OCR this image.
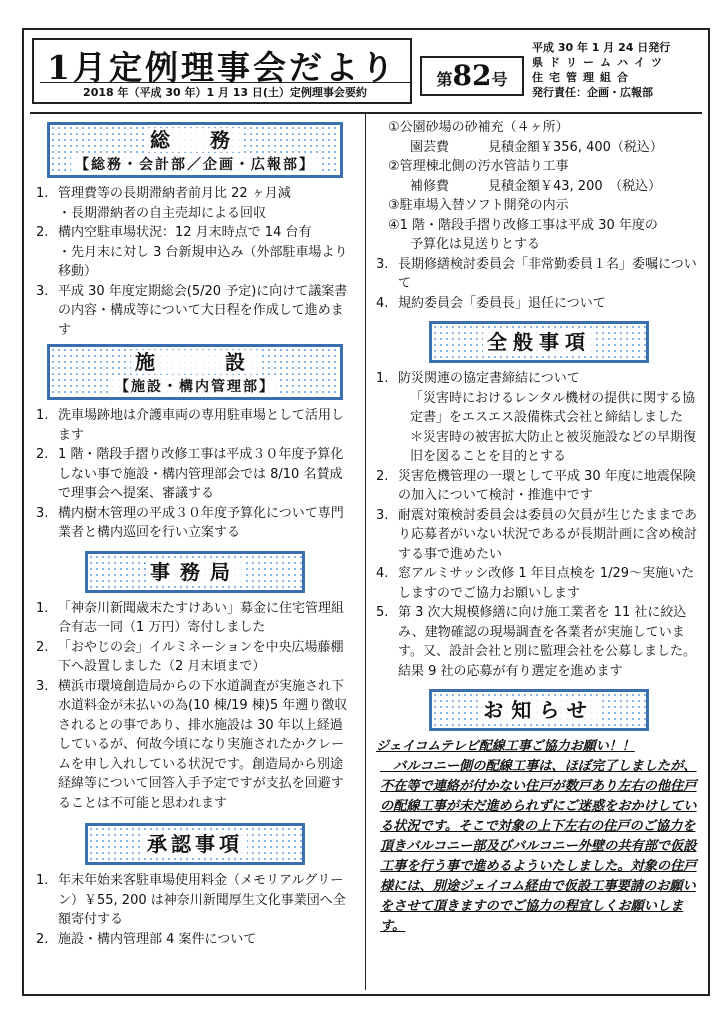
1月定例理事会だより
2018 年（平成 30 年）1 月 13 日(土）定例理事会要約
第82号
平成 30 年 1 月 24 日発行
県ドリームハイツ
住宅管理組合
発行責任：企画・広報部
総　務
【総務・会計部／企画・広報部】
1. 管理費等の長期滞納者前月比 22 ヶ月減
・長期滞納者の自主売却による回収
2. 構内空駐車場状況：12 月末時点で 14 台有
・先月末に対し 3 台新規申込み（外部駐車場より移動）
3. 平成 30 年度定期総会(5/20 予定)に向けて議案書の内容・構成等について大日程を作成して進めます
施　　設
【施設・構内管理部】
1. 洗車場跡地は介護車両の専用駐車場として活用します
2. 1 階・階段手摺り改修工事は平成３０年度予算化しない事で施設・構内管理部会では 8/10 名賛成で理事会へ提案、審議する
3. 構内樹木管理の平成３０年度予算化について専門業者と構内巡回を行い立案する
事務局
1. 「神奈川新聞歳末たすけあい」募金に住宅管理組合有志一同（1 万円）寄付しました
2. 「おやじの会」イルミネーションを中央広場藤棚下へ設置しました（2 月末頃まで）
3. 横浜市環境創造局からの下水道調査が実施され下水道料金が未払いの為(10 棟/19 棟)5 年遡り徴収されるとの事であり、排水施設は 30 年以上経過しているが、何故今頃になり実施されたかクレームを申し入れしている状況です。創造局から別途経緯等について回答入手予定ですが支払を回避することは不可能と思われます
承認事項
1. 年末年始来客駐車場使用料金（メモリアルグリーン）￥55, 200 は神奈川新聞厚生文化事業団へ全額寄付する
2. 施設・構内管理部 4 案件について
①公園砂場の砂補充（４ヶ所）
園芸費　　　見積金額￥356, 400（税込）
②管理棟北側の汚水管詰り工事
補修費　　　見積金額￥43, 200　（税込）
③駐車場入替ソフト開発の内示
④1 階・階段手摺り改修工事は平成 30 年度の
予算化は見送りとする
3. 長期修繕検討委員会「非常勤委員１名」委嘱について
4. 規約委員会「委員長」退任について
全般事項
1. 防災関連の協定書締結について
「災害時におけるレンタル機材の提供に関する協定書」をエスエス設備株式会社と締結しました
＊災害時の被害拡大防止と被災施設などの早期復旧を図ることを目的とする
2. 災害危機管理の一環として平成 30 年度に地震保険の加入について検討・推進中です
3. 耐震対策検討委員会は委員の欠員が生じたままであり応募者がいない状況であるが長期計画に含め検討する事で進めたい
4. 窓アルミサッシ改修 1 年目点検を 1/29～実施いたしますのでご協力お願いします
5. 第 3 次大規模修繕に向け施工業者を 11 社に絞込み、建物確認の現場調査を各業者が実施しています。又、設計会社と別に監理会社を公募しました。結果 9 社の応募が有り選定を進めます
お知らせ
ジェイコムテレビ配線工事ご協力お願い！！
　バルコニー側の配線工事は、ほぼ完了しましたが、不在等で連絡が付かない住戸が数戸あり左右の他住戸の配線工事が未だ進められずにご迷惑をおかけしている状況です。そこで対象の上下左右の住戸のご協力を頂きバルコニー部及びバルコニー外壁の共有部で仮設工事を行う事で進めるよういたしました。対象の住戸様には、別途ジェイコム経由で仮設工事要請のお願いをさせて頂きますのでご協力の程宜しくお願いします。
